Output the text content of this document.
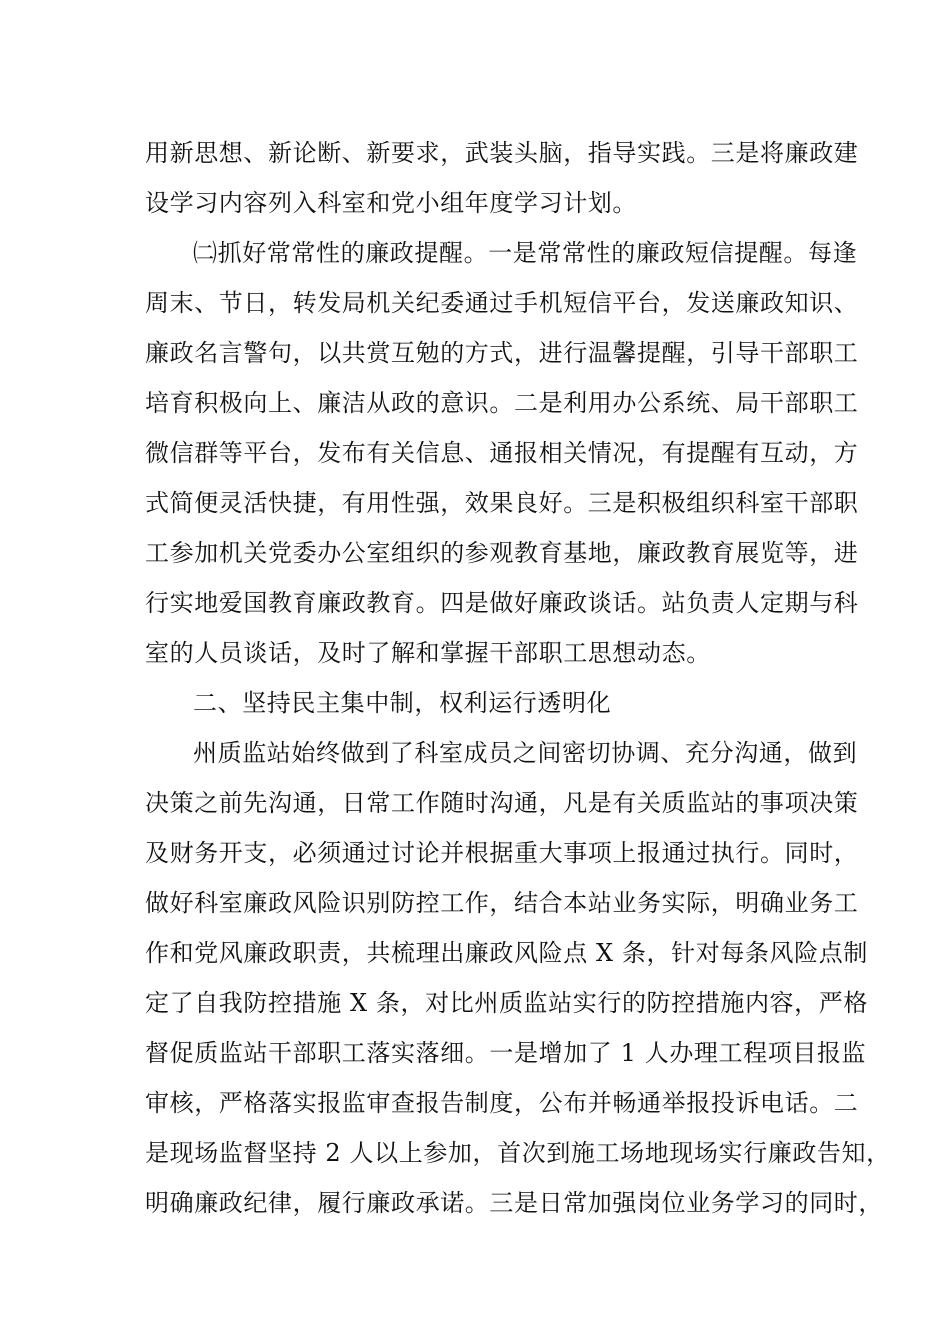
用新思想、新论断、新要求，武装头脑，指导实践。三是将廉政建
设学习内容列入科室和党小组年度学习计划。
㈡抓好常常性的廉政提醒。一是常常性的廉政短信提醒。每逢
周末、节日，转发局机关纪委通过手机短信平台，发送廉政知识、
廉政名言警句，以共赏互勉的方式，进行温馨提醒，引导干部职工
培育积极向上、廉洁从政的意识。二是利用办公系统、局干部职工
微信群等平台，发布有关信息、通报相关情况，有提醒有互动，方
式简便灵活快捷，有用性强，效果良好。三是积极组织科室干部职
工参加机关党委办公室组织的参观教育基地，廉政教育展览等，进
行实地爱国教育廉政教育。四是做好廉政谈话。站负责人定期与科
室的人员谈话，及时了解和掌握干部职工思想动态。
二、坚持民主集中制，权利运行透明化
州质监站始终做到了科室成员之间密切协调、充分沟通，做到
决策之前先沟通，日常工作随时沟通，凡是有关质监站的事项决策
及财务开支，必须通过讨论并根据重大事项上报通过执行。同时，
做好科室廉政风险识别防控工作，结合本站业务实际，明确业务工
作和党风廉政职责，共梳理出廉政风险点 X 条，针对每条风险点制
定了自我防控措施 X 条，对比州质监站实行的防控措施内容，严格
督促质监站干部职工落实落细。一是增加了 1 人办理工程项目报监
审核，严格落实报监审查报告制度，公布并畅通举报投诉电话。二
是现场监督坚持 2 人以上参加，首次到施工场地现场实行廉政告知，
明确廉政纪律，履行廉政承诺。三是日常加强岗位业务学习的同时，
